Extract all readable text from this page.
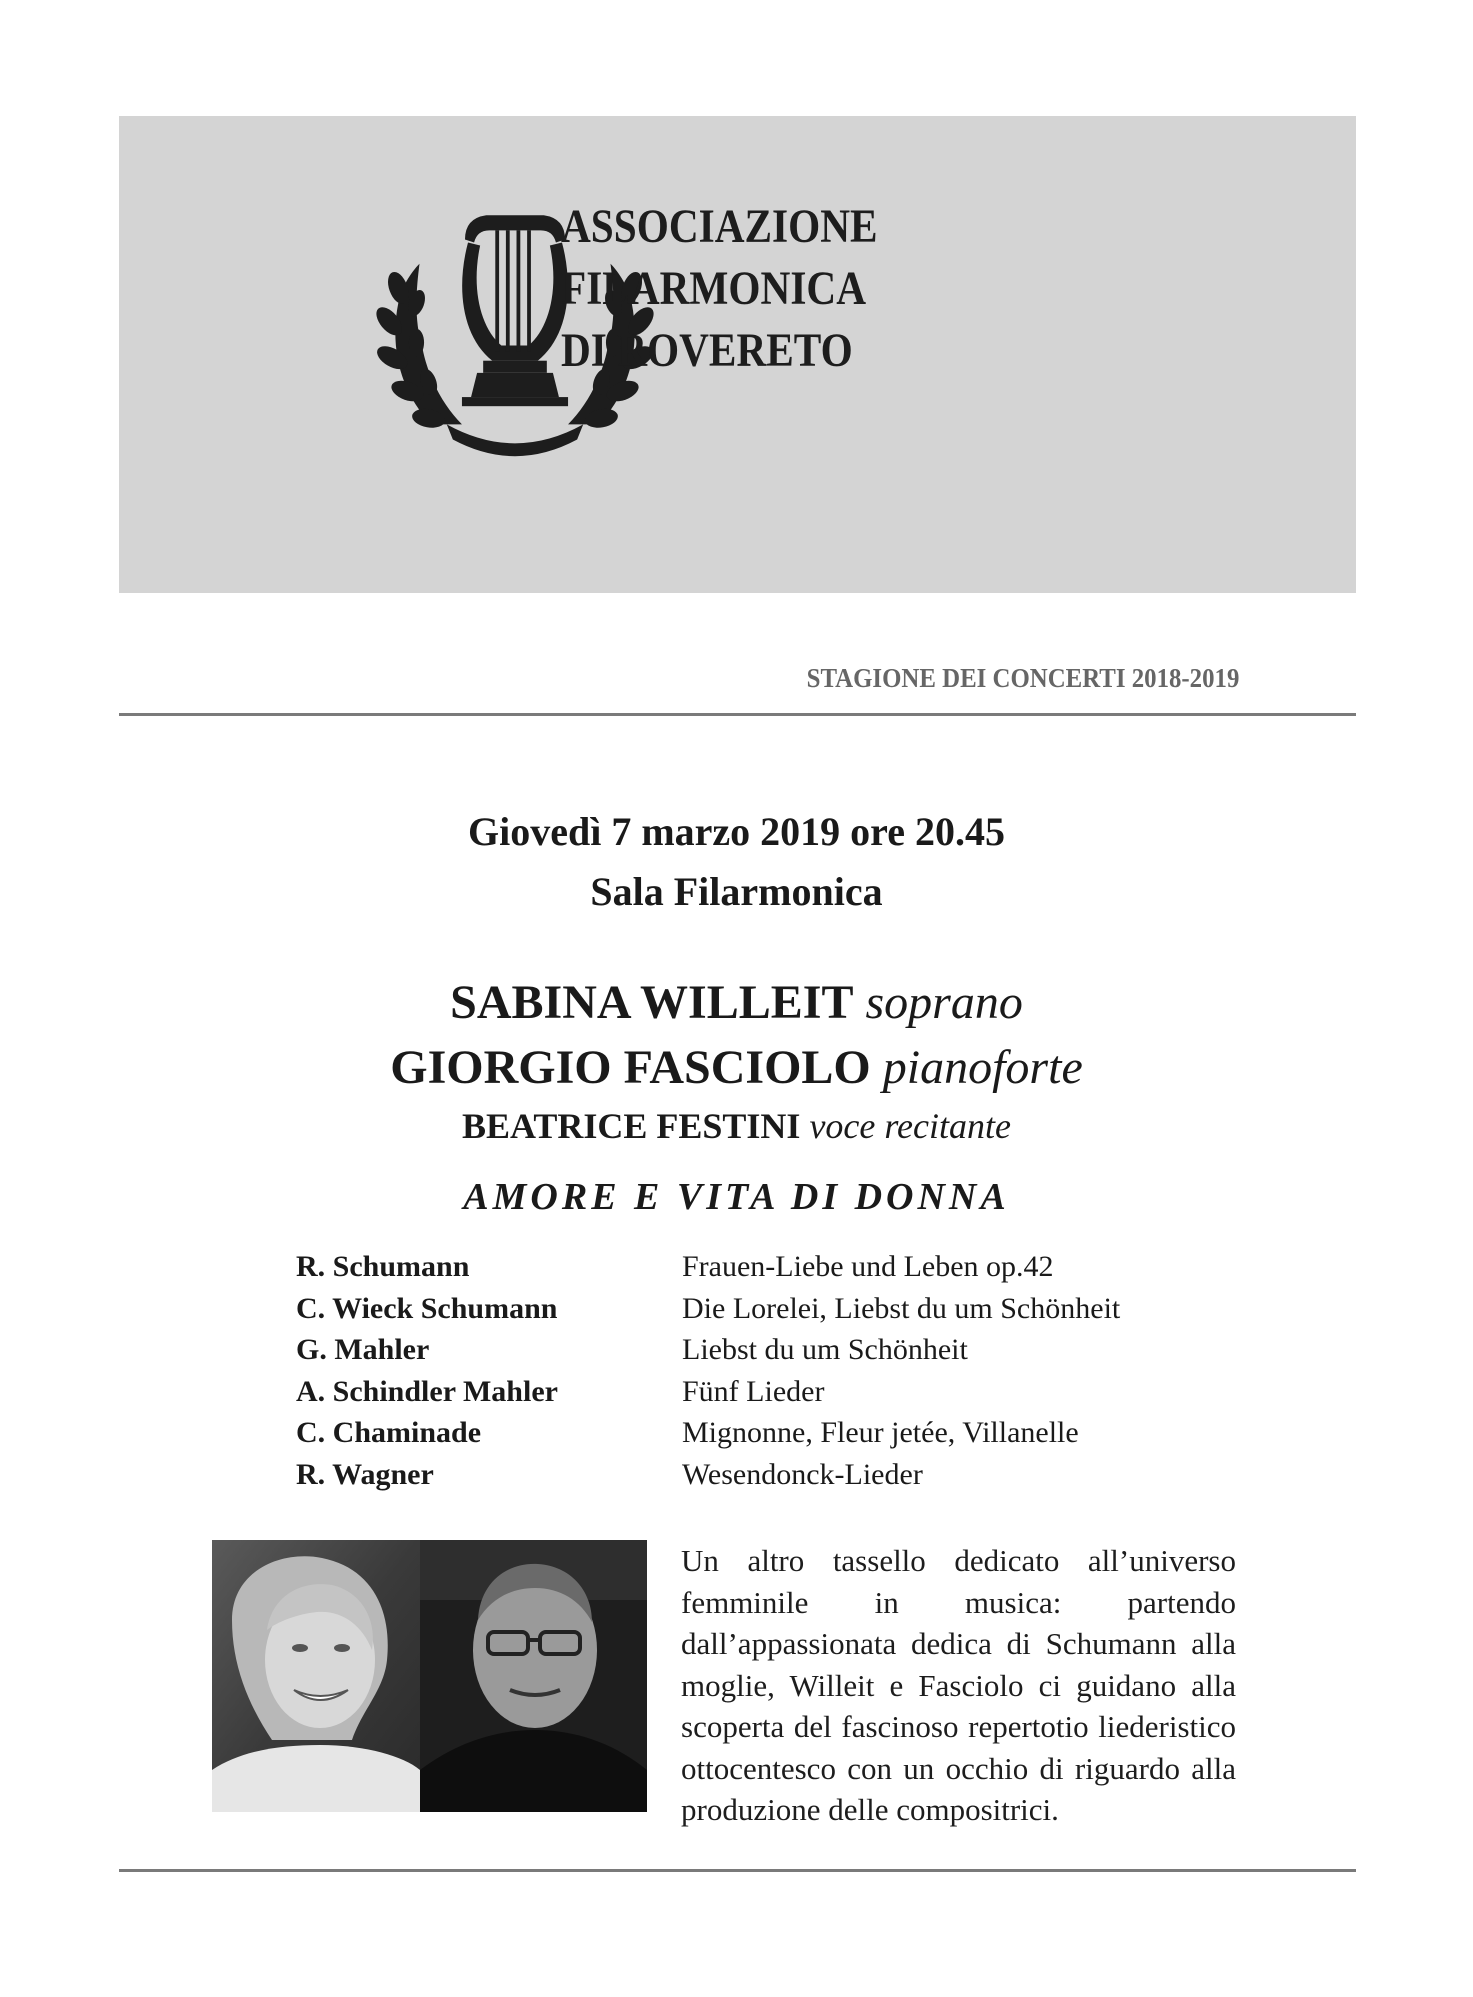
ASSOCIAZIONE
FILARMONICA
DI ROVERETO
STAGIONE DEI CONCERTI 2018-2019
Giovedì 7 marzo 2019 ore 20.45
Sala Filarmonica
SABINA WILLEIT soprano
GIORGIO FASCIOLO pianoforte
BEATRICE FESTINI voce recitante
AMORE E VITA DI DONNA
R. Schumann	Frauen-Liebe und Leben op.42
C. Wieck Schumann	Die Lorelei, Liebst du um Schönheit
G. Mahler	Liebst du um Schönheit
A. Schindler Mahler	Fünf Lieder
C. Chaminade	Mignonne, Fleur jetée, Villanelle
R. Wagner	Wesendonck-Lieder
Un altro tassello dedicato all’universo femminile in musica: partendo dall’appassionata dedica di Schumann alla moglie, Willeit e Fasciolo ci guidano alla scoperta del fascinoso repertotio liederistico ottocentesco con un occhio di riguardo alla produzione delle compositrici.
